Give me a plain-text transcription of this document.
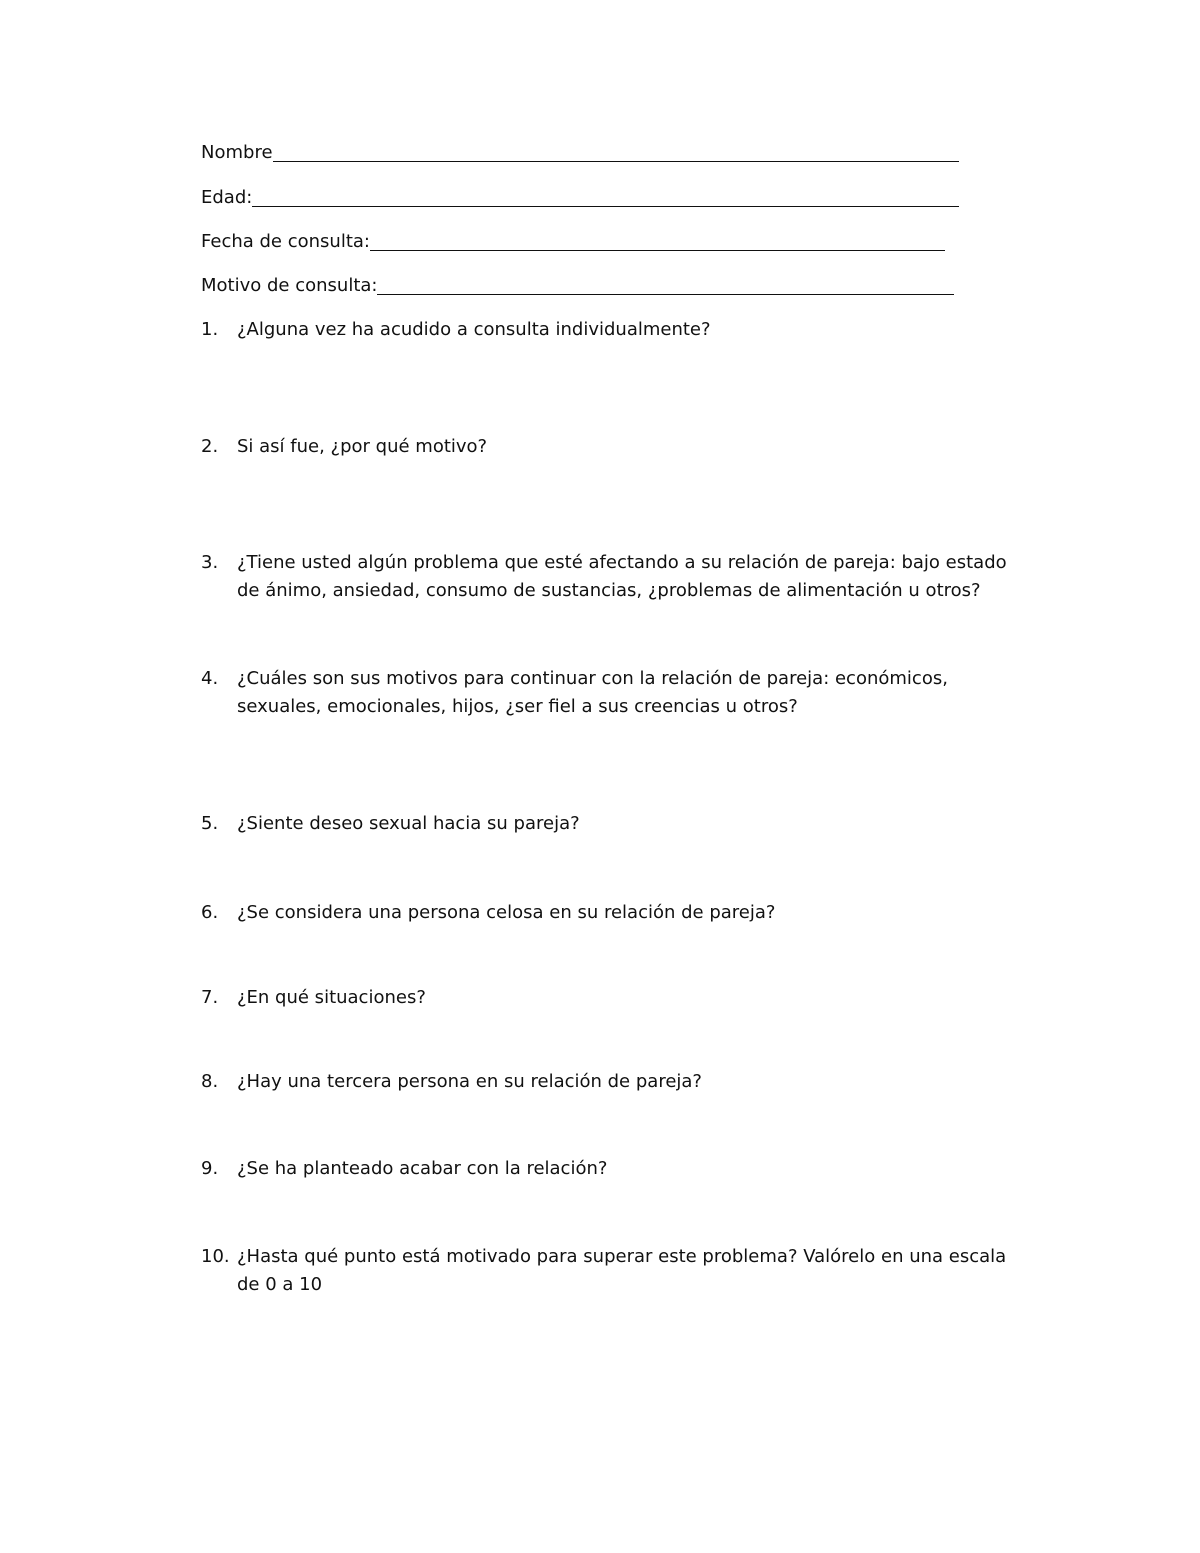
Nombre
Edad:
Fecha de consulta:
Motivo de consulta:
1.	¿Alguna vez ha acudido a consulta individualmente?
2.	Si así fue, ¿por qué motivo?
3.	¿Tiene usted algún problema que esté afectando a su relación de pareja: bajo estado de ánimo, ansiedad, consumo de sustancias, ¿problemas de alimentación u otros?
4.	¿Cuáles son sus motivos para continuar con la relación de pareja: económicos, sexuales, emocionales, hijos, ¿ser fiel a sus creencias u otros?
5.	¿Siente deseo sexual hacia su pareja?
6.	¿Se considera una persona celosa en su relación de pareja?
7.	¿En qué situaciones?
8.	¿Hay una tercera persona en su relación de pareja?
9.	¿Se ha planteado acabar con la relación?
10. ¿Hasta qué punto está motivado para superar este problema? Valórelo en una escala de 0 a 10
